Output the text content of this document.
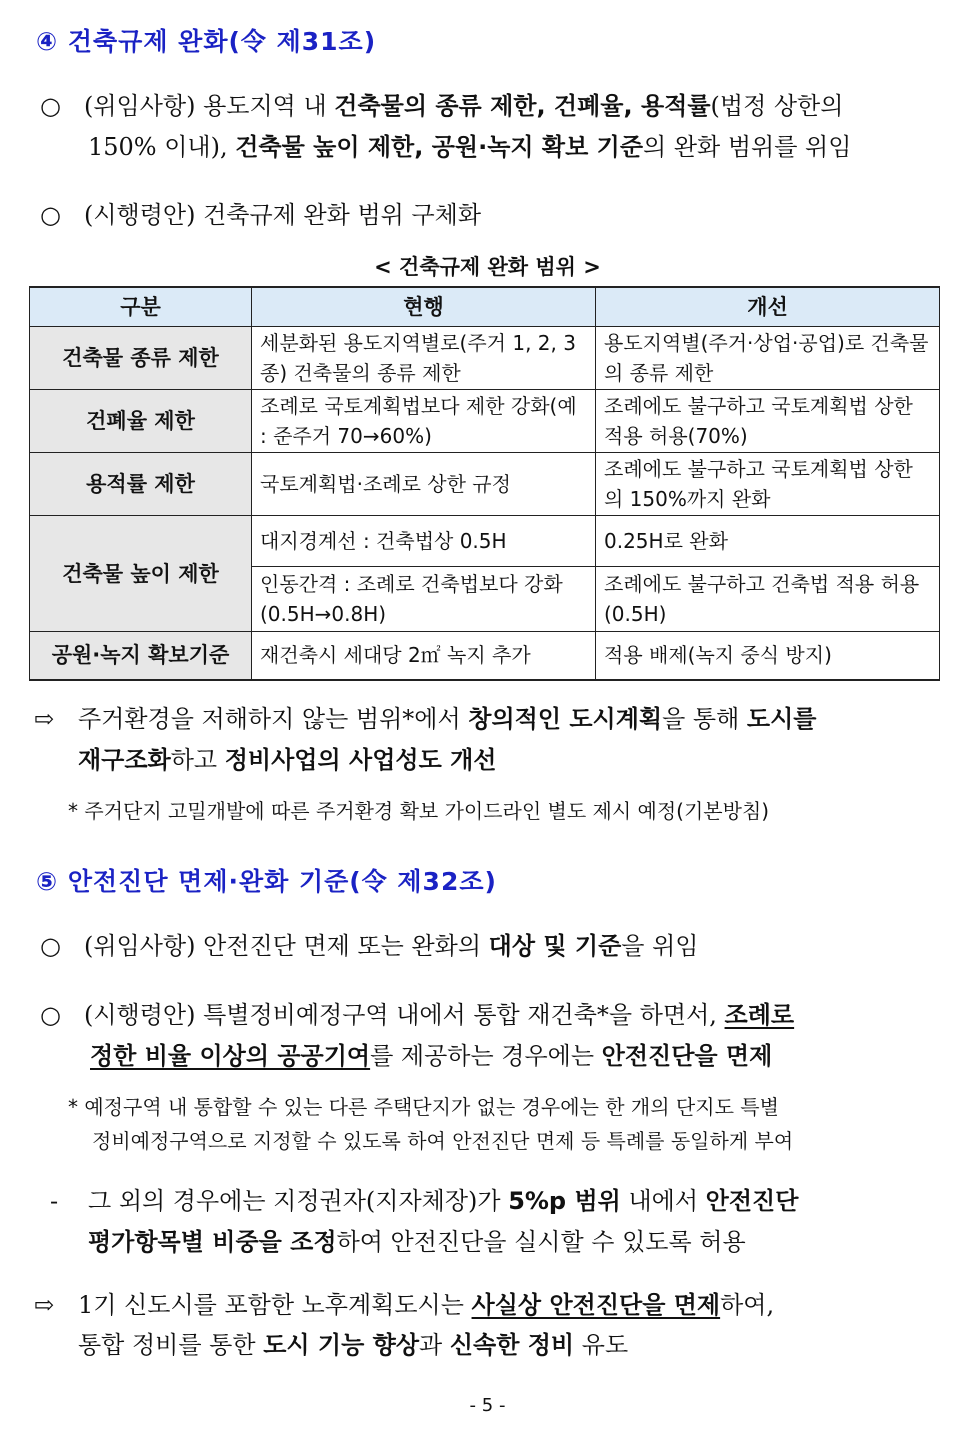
④ 건축규제 완화(令 제31조)
○ (위임사항) 용도지역 내 건축물의 종류 제한, 건폐율, 용적률(법정 상한의
150% 이내), 건축물 높이 제한, 공원·녹지 확보 기준의 완화 범위를 위임
○ (시행령안) 건축규제 완화 범위 구체화
< 건축규제 완화 범위 >
구분	현행	개선
건축물 종류 제한	세분화된 용도지역별로(주거 1, 2, 3종) 건축물의 종류 제한	용도지역별(주거·상업·공업)로 건축물의 종류 제한
건폐율 제한	조례로 국토계획법보다 제한 강화(예 : 준주거 70→60%)	조례에도 불구하고 국토계획법 상한 적용 허용(70%)
용적률 제한	국토계획법·조례로 상한 규정	조례에도 불구하고 국토계획법 상한의 150%까지 완화
건축물 높이 제한	대지경계선 : 건축법상 0.5H	0.25H로 완화
	인동간격 : 조례로 건축법보다 강화(0.5H→0.8H)	조례에도 불구하고 건축법 적용 허용(0.5H)
공원·녹지 확보기준	재건축시 세대당 2㎡ 녹지 추가	적용 배제(녹지 중식 방지)
⇨ 주거환경을 저해하지 않는 범위*에서 창의적인 도시계획을 통해 도시를
재구조화하고 정비사업의 사업성도 개선
* 주거단지 고밀개발에 따른 주거환경 확보 가이드라인 별도 제시 예정(기본방침)
⑤ 안전진단 면제·완화 기준(令 제32조)
○ (위임사항) 안전진단 면제 또는 완화의 대상 및 기준을 위임
○ (시행령안) 특별정비예정구역 내에서 통합 재건축*을 하면서, 조례로
정한 비율 이상의 공공기여를 제공하는 경우에는 안전진단을 면제
* 예정구역 내 통합할 수 있는 다른 주택단지가 없는 경우에는 한 개의 단지도 특별
정비예정구역으로 지정할 수 있도록 하여 안전진단 면제 등 특례를 동일하게 부여
- 그 외의 경우에는 지정권자(지자체장)가 5%p 범위 내에서 안전진단
평가항목별 비중을 조정하여 안전진단을 실시할 수 있도록 허용
⇨ 1기 신도시를 포함한 노후계획도시는 사실상 안전진단을 면제하여,
통합 정비를 통한 도시 기능 향상과 신속한 정비 유도
- 5 -
